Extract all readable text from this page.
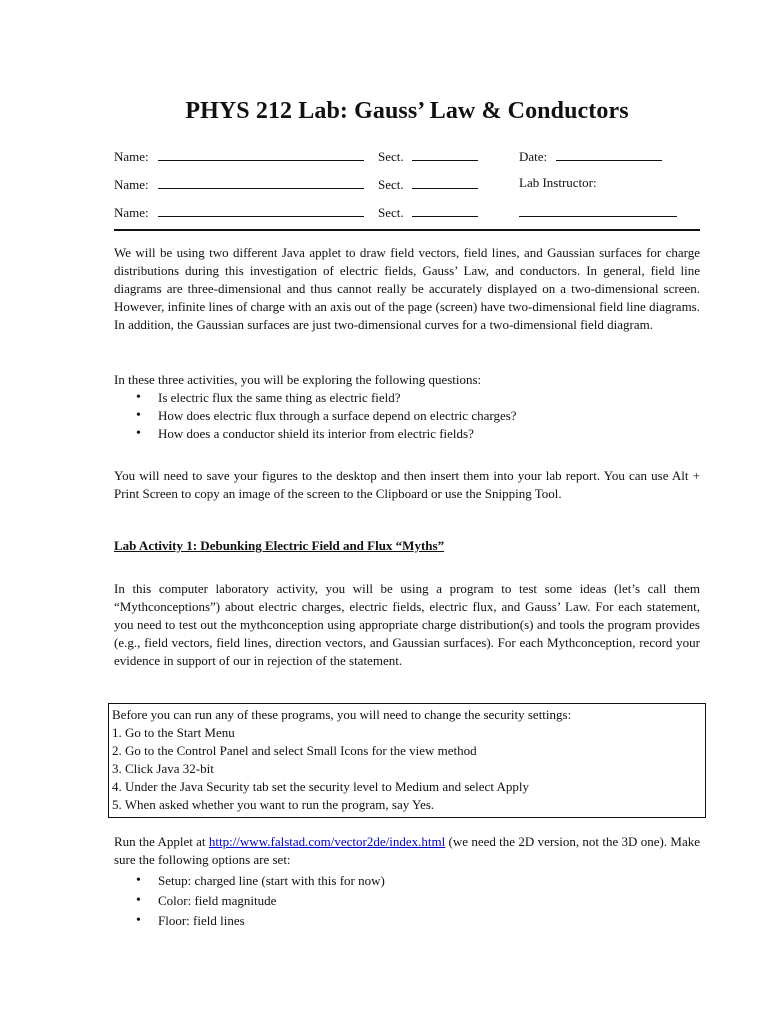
PHYS 212 Lab: Gauss’ Law & Conductors
Name:	Sect.	Date:
Name:	Sect.	Lab Instructor:
Name:	Sect.

We will be using two different Java applet to draw field vectors, field lines, and Gaussian surfaces for charge distributions during this investigation of electric fields, Gauss’ Law, and conductors. In general, field line diagrams are three-dimensional and thus cannot really be accurately displayed on a two-dimensional screen. However, infinite lines of charge with an axis out of the page (screen) have two-dimensional field line diagrams. In addition, the Gaussian surfaces are just two-dimensional curves for a two-dimensional field diagram.

In these three activities, you will be exploring the following questions:

• Is electric flux the same thing as electric field?
• How does electric flux through a surface depend on electric charges?
• How does a conductor shield its interior from electric fields?

You will need to save your figures to the desktop and then insert them into your lab report. You can use Alt + Print Screen to copy an image of the screen to the Clipboard or use the Snipping Tool.

Lab Activity 1: Debunking Electric Field and Flux “Myths”

In this computer laboratory activity, you will be using a program to test some ideas (let’s call them “Mythconceptions”) about electric charges, electric fields, electric flux, and Gauss’ Law. For each statement, you need to test out the mythconception using appropriate charge distribution(s) and tools the program provides (e.g., field vectors, field lines, direction vectors, and Gaussian surfaces). For each Mythconception, record your evidence in support of our in rejection of the statement.

Before you can run any of these programs, you will need to change the security settings:
1. Go to the Start Menu
2. Go to the Control Panel and select Small Icons for the view method
3. Click Java 32-bit
4. Under the Java Security tab set the security level to Medium and select Apply
5. When asked whether you want to run the program, say Yes.

Run the Applet at http://www.falstad.com/vector2de/index.html (we need the 2D version, not the 3D one). Make sure the following options are set:

• Setup: charged line (start with this for now)
• Color: field magnitude
• Floor: field lines
